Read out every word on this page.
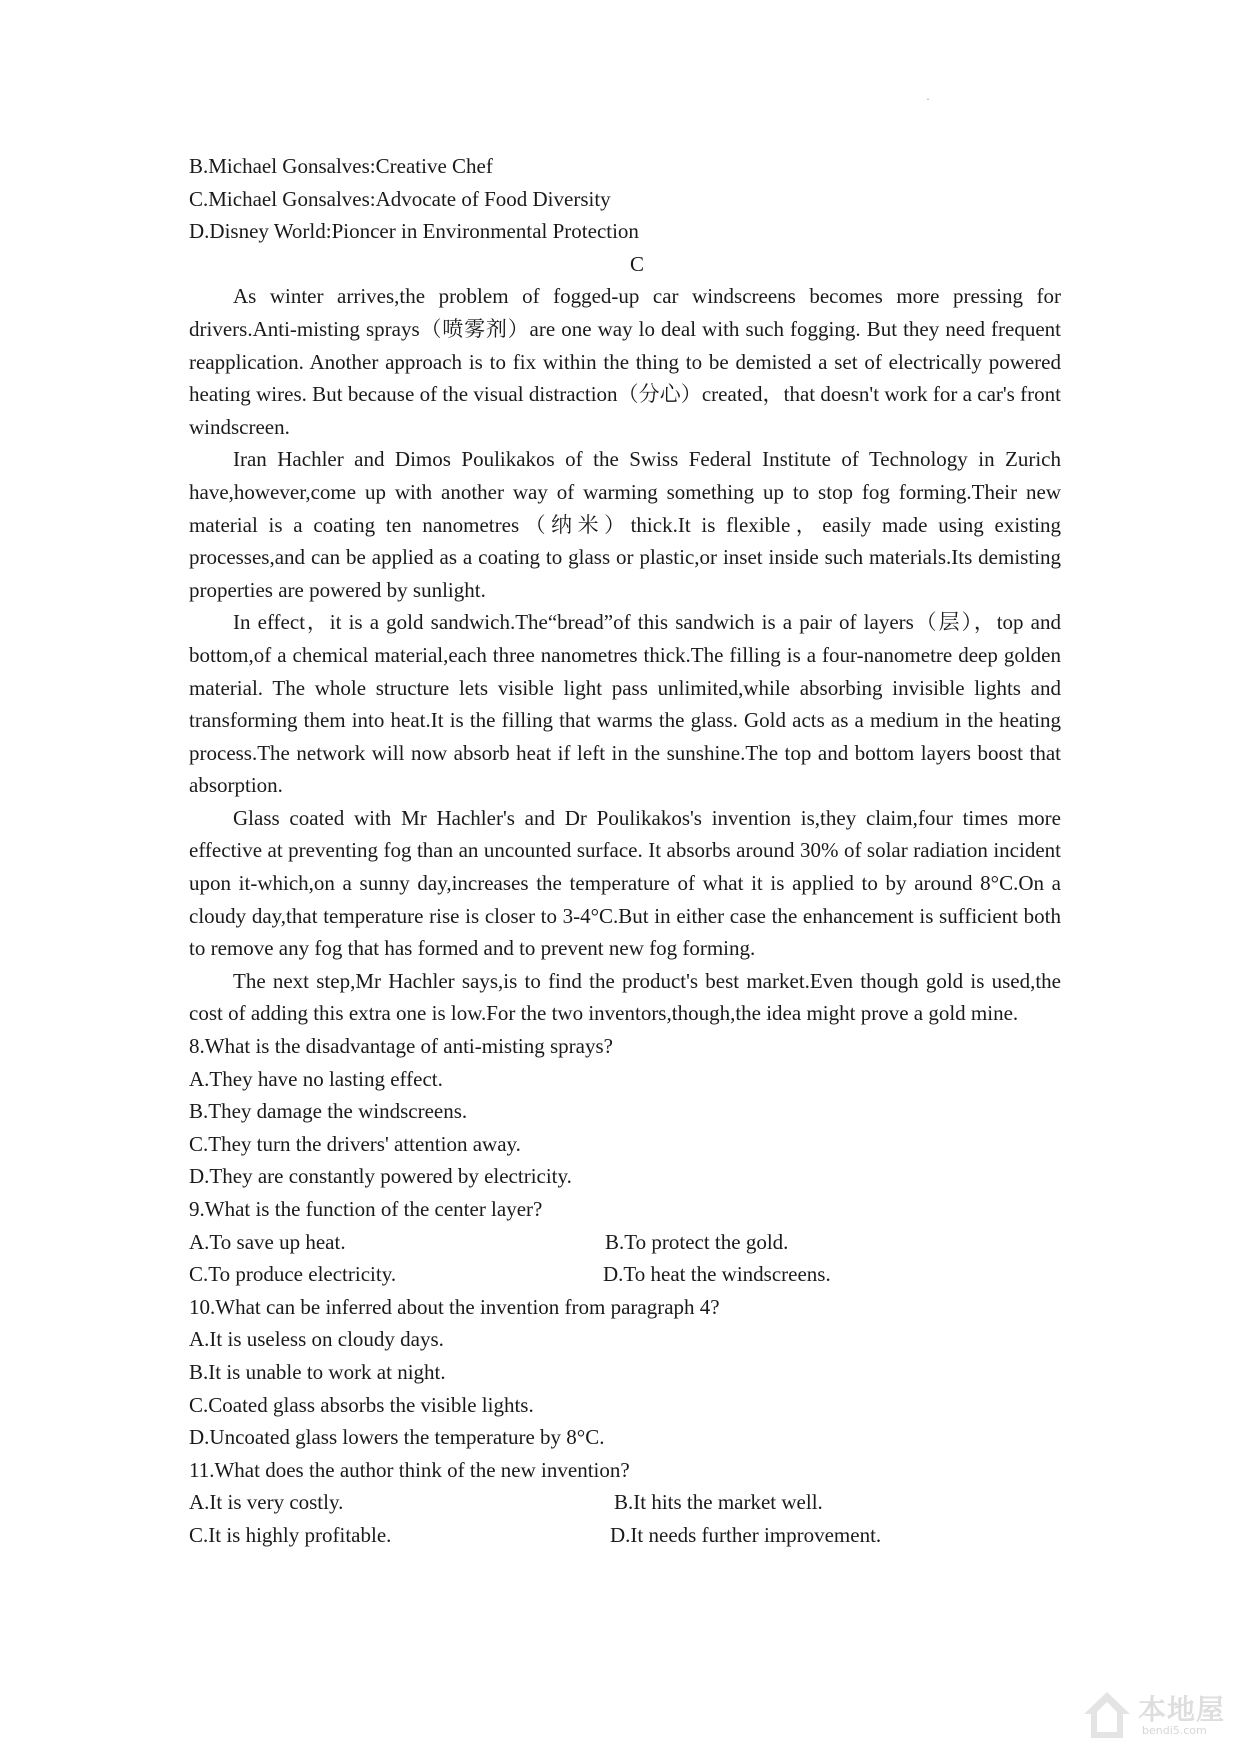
·
B.Michael Gonsalves:Creative Chef
C.Michael Gonsalves:Advocate of Food Diversity
D.Disney World:Pioncer in Environmental Protection
C

As winter arrives,the problem of fogged-up car windscreens becomes more pressing for drivers.Anti-misting sprays（喷雾剂）are one way lo deal with such fogging. But they need frequent reapplication. Another approach is to fix within the thing to be demisted a set of electrically powered heating wires. But because of the visual distraction（分心）created，that doesn't work for a car's front windscreen.

Iran Hachler and Dimos Poulikakos of the Swiss Federal Institute of Technology in Zurich have,however,come up with another way of warming something up to stop fog forming.Their new material is a coating ten nanometres（纳米）thick.It is flexible，easily made using existing processes,and can be applied as a coating to glass or plastic,or inset inside such materials.Its demisting properties are powered by sunlight.

In effect，it is a gold sandwich.The“bread”of this sandwich is a pair of layers（层），top and bottom,of a chemical material,each three nanometres thick.The filling is a four-nanometre deep golden material. The whole structure lets visible light pass unlimited,while absorbing invisible lights and transforming them into heat.It is the filling that warms the glass. Gold acts as a medium in the heating process.The network will now absorb heat if left in the sunshine.The top and bottom layers boost that absorption.

Glass coated with Mr Hachler's and Dr Poulikakos's invention is,they claim,four times more effective at preventing fog than an uncounted surface. It absorbs around 30% of solar radiation incident upon it-which,on a sunny day,increases the temperature of what it is applied to by around 8°C.On a cloudy day,that temperature rise is closer to 3-4°C.But in either case the enhancement is sufficient both to remove any fog that has formed and to prevent new fog forming.

The next step,Mr Hachler says,is to find the product's best market.Even though gold is used,the cost of adding this extra one is low.For the two inventors,though,the idea might prove a gold mine.

8.What is the disadvantage of anti-misting sprays?
A.They have no lasting effect.
B.They damage the windscreens.
C.They turn the drivers' attention away.
D.They are constantly powered by electricity.
9.What is the function of the center layer?
A.To save up heat.	B.To protect the gold.
C.To produce electricity.	D.To heat the windscreens.
10.What can be inferred about the invention from paragraph 4?
A.It is useless on cloudy days.
B.It is unable to work at night.
C.Coated glass absorbs the visible lights.
D.Uncoated glass lowers the temperature by 8°C.
11.What does the author think of the new invention?
A.It is very costly.	B.It hits the market well.
C.It is highly profitable.	D.It needs further improvement.
本地屋
bendi5.com
